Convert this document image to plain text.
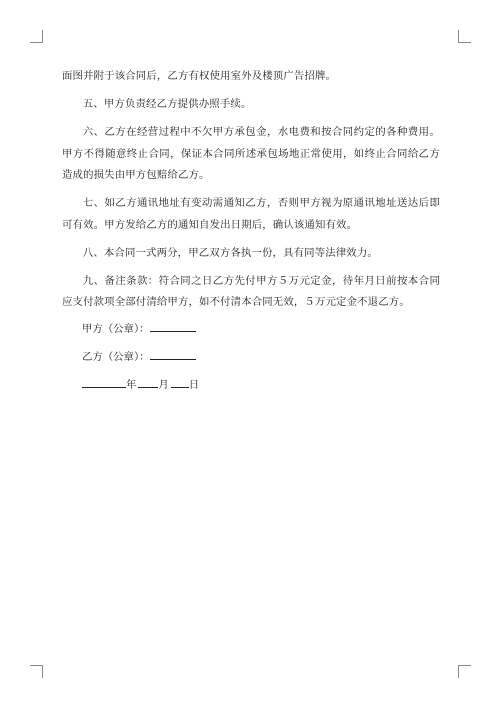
面图并附于该合同后，乙方有权使用室外及楼顶广告招牌。

五、甲方负责经乙方提供办照手续。

六、乙方在经营过程中不欠甲方承包金，水电费和按合同约定的各种费用。甲方不得随意终止合同，保证本合同所述承包场地正常使用，如终止合同给乙方造成的损失由甲方包赔给乙方。

七、如乙方通讯地址有变动需通知乙方，否则甲方视为原通讯地址送达后即可有效。甲方发给乙方的通知自发出日期后，确认该通知有效。

八、本合同一式两分，甲乙双方各执一份，具有同等法律效力。

九、备注条款：符合同之日乙方先付甲方５万元定金，待年月日前按本合同应支付款项全部付清给甲方，如不付清本合同无效，５万元定金不退乙方。

甲方（公章）：
乙方（公章）：
年 月 日
